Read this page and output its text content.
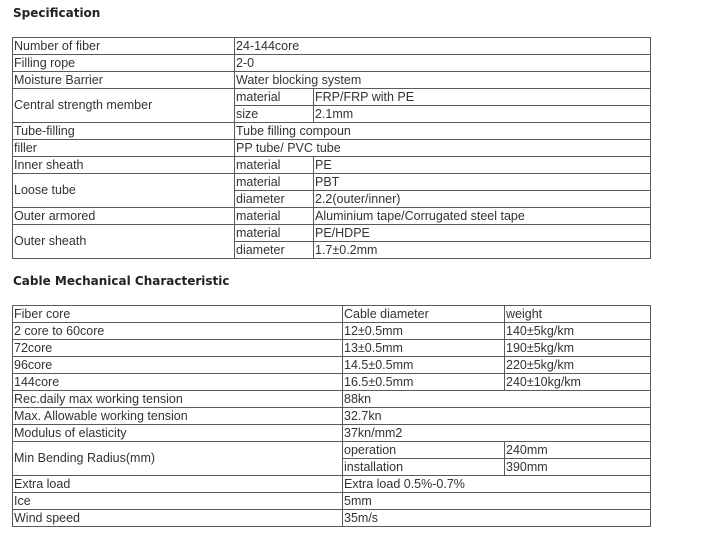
Specification
Number of fiber	24-144core	
Filling rope	2-0	
Moisture Barrier	Water blocking system	
Central strength member	material	FRP/FRP with PE
	size	2.1mm
Tube-filling	Tube filling compoun	
filler	PP tube/ PVC tube	
Inner sheath	material	PE
Loose tube	material	PBT
	diameter	2.2(outer/inner)
Outer armored	material	Aluminium tape/Corrugated steel tape
Outer sheath	material	PE/HDPE
	diameter	1.7±0.2mm
Cable Mechanical Characteristic
Fiber core	Cable diameter	weight
2 core to 60core	12±0.5mm	140±5kg/km
72core	13±0.5mm	190±5kg/km
96core	14.5±0.5mm	220±5kg/km
144core	16.5±0.5mm	240±10kg/km
Rec.daily max working tension	88kn	
Max. Allowable working tension	32.7kn	
Modulus of elasticity	37kn/mm2	
Min Bending Radius(mm)	operation	240mm
	installation	390mm
Extra load	Extra load 0.5%-0.7%	
Ice	5mm	
Wind speed	35m/s	
